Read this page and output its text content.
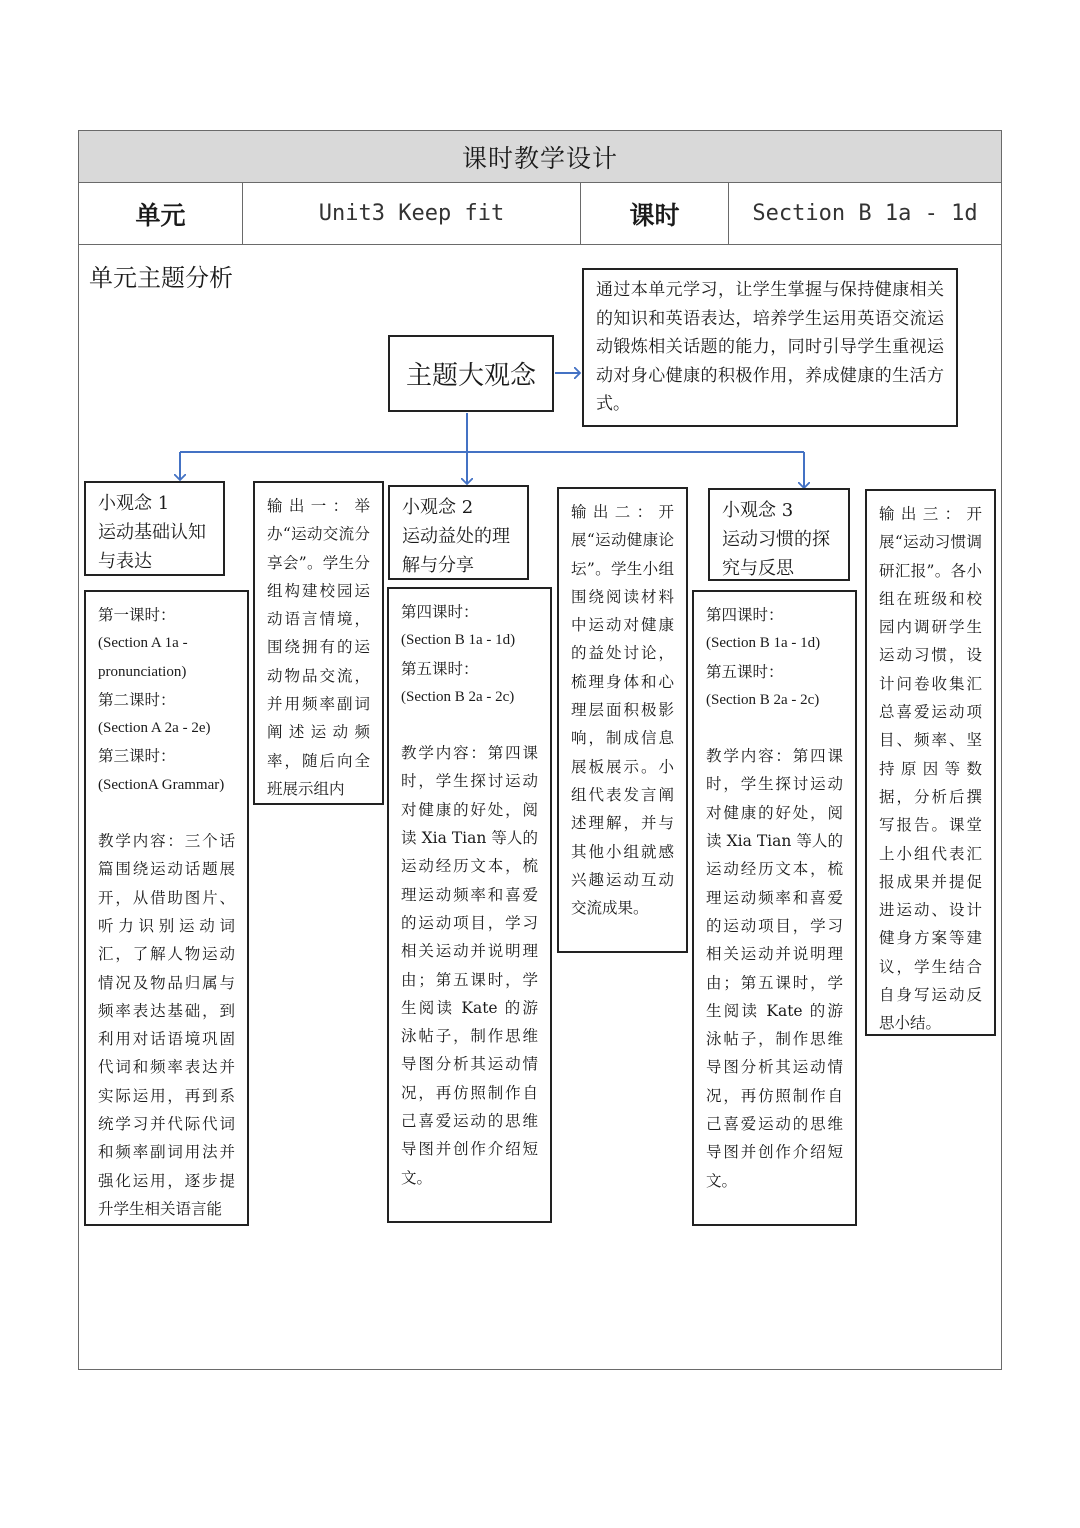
课时教学设计
单元	Unit3 Keep fit	课时	Section B 1a - 1d
单元主题分析
主题大观念
通过本单元学习，让学生掌握与保持健康相关的知识和英语表达，培养学生运用英语交流运动锻炼相关话题的能力，同时引导学生重视运动对身心健康的积极作用，养成健康的生活方式。
小观念 1
运动基础认知与表达

第一课时：

(Section A 1a - pronunciation)

第二课时：

(Section A 2a - 2e)

第三课时：

(SectionA Grammar)

教学内容：三个话篇围绕运动话题展开，从借助图片、听力识别运动词汇，了解人物运动情况及物品归属与频率表达基础，到利用对话语境巩固代词和频率表达并实际运用，再到系统学习并代际代词和频率副词用法并强化运用，逐步提升学生相关语言能

输出一：举办“运动交流分享会”。学生分组构建校园运动语言情境，围绕拥有的运动物品交流，并用频率副词阐述运动频率，随后向全班展示组内
小观念 2
运动益处的理解与分享

第四课时：

(Section B 1a - 1d)

第五课时：

(Section B 2a - 2c)

教学内容：第四课时，学生探讨运动对健康的好处，阅读 Xia Tian 等人的运动经历文本，梳理运动频率和喜爱的运动项目，学习相关运动并说明理由；第五课时，学生阅读 Kate 的游 泳帖子，制作思维导图分析其运动情况，再仿照制作自己喜爱运动的思维导图并创作介绍短文。

输出二：开展“运动健康论坛”。学生小组围绕阅读材料中运动对健康的益处讨论，梳理身体和心理层面积极影响，制成信息展板展示。小组代表发言阐述理解，并与其他小组就感兴趣运动互动交流成果。
小观念 3
运动习惯的探究与反思

第四课时：

(Section B 1a - 1d)

第五课时：

(Section B 2a - 2c)

教学内容：第四课时，学生探讨运动对健康的好处，阅读 Xia Tian 等人的运动经历文本，梳理运动频率和喜爱的运动项目，学习相关运动并说明理由；第五课时，学生阅读 Kate 的游 泳帖子，制作思维导图分析其运动情况，再仿照制作自己喜爱运动的思维导图并创作介绍短文。

输出三：开展“运动习惯调研汇报”。各小组在班级和校园内调研学生运动习惯，设计问卷收集汇总喜爱运动项目、频率、坚持原因等数据，分析后撰写报告。课堂上小组代表汇报成果并提促进运动、设计健身方案等建议，学生结合自身写运动反思小结。
